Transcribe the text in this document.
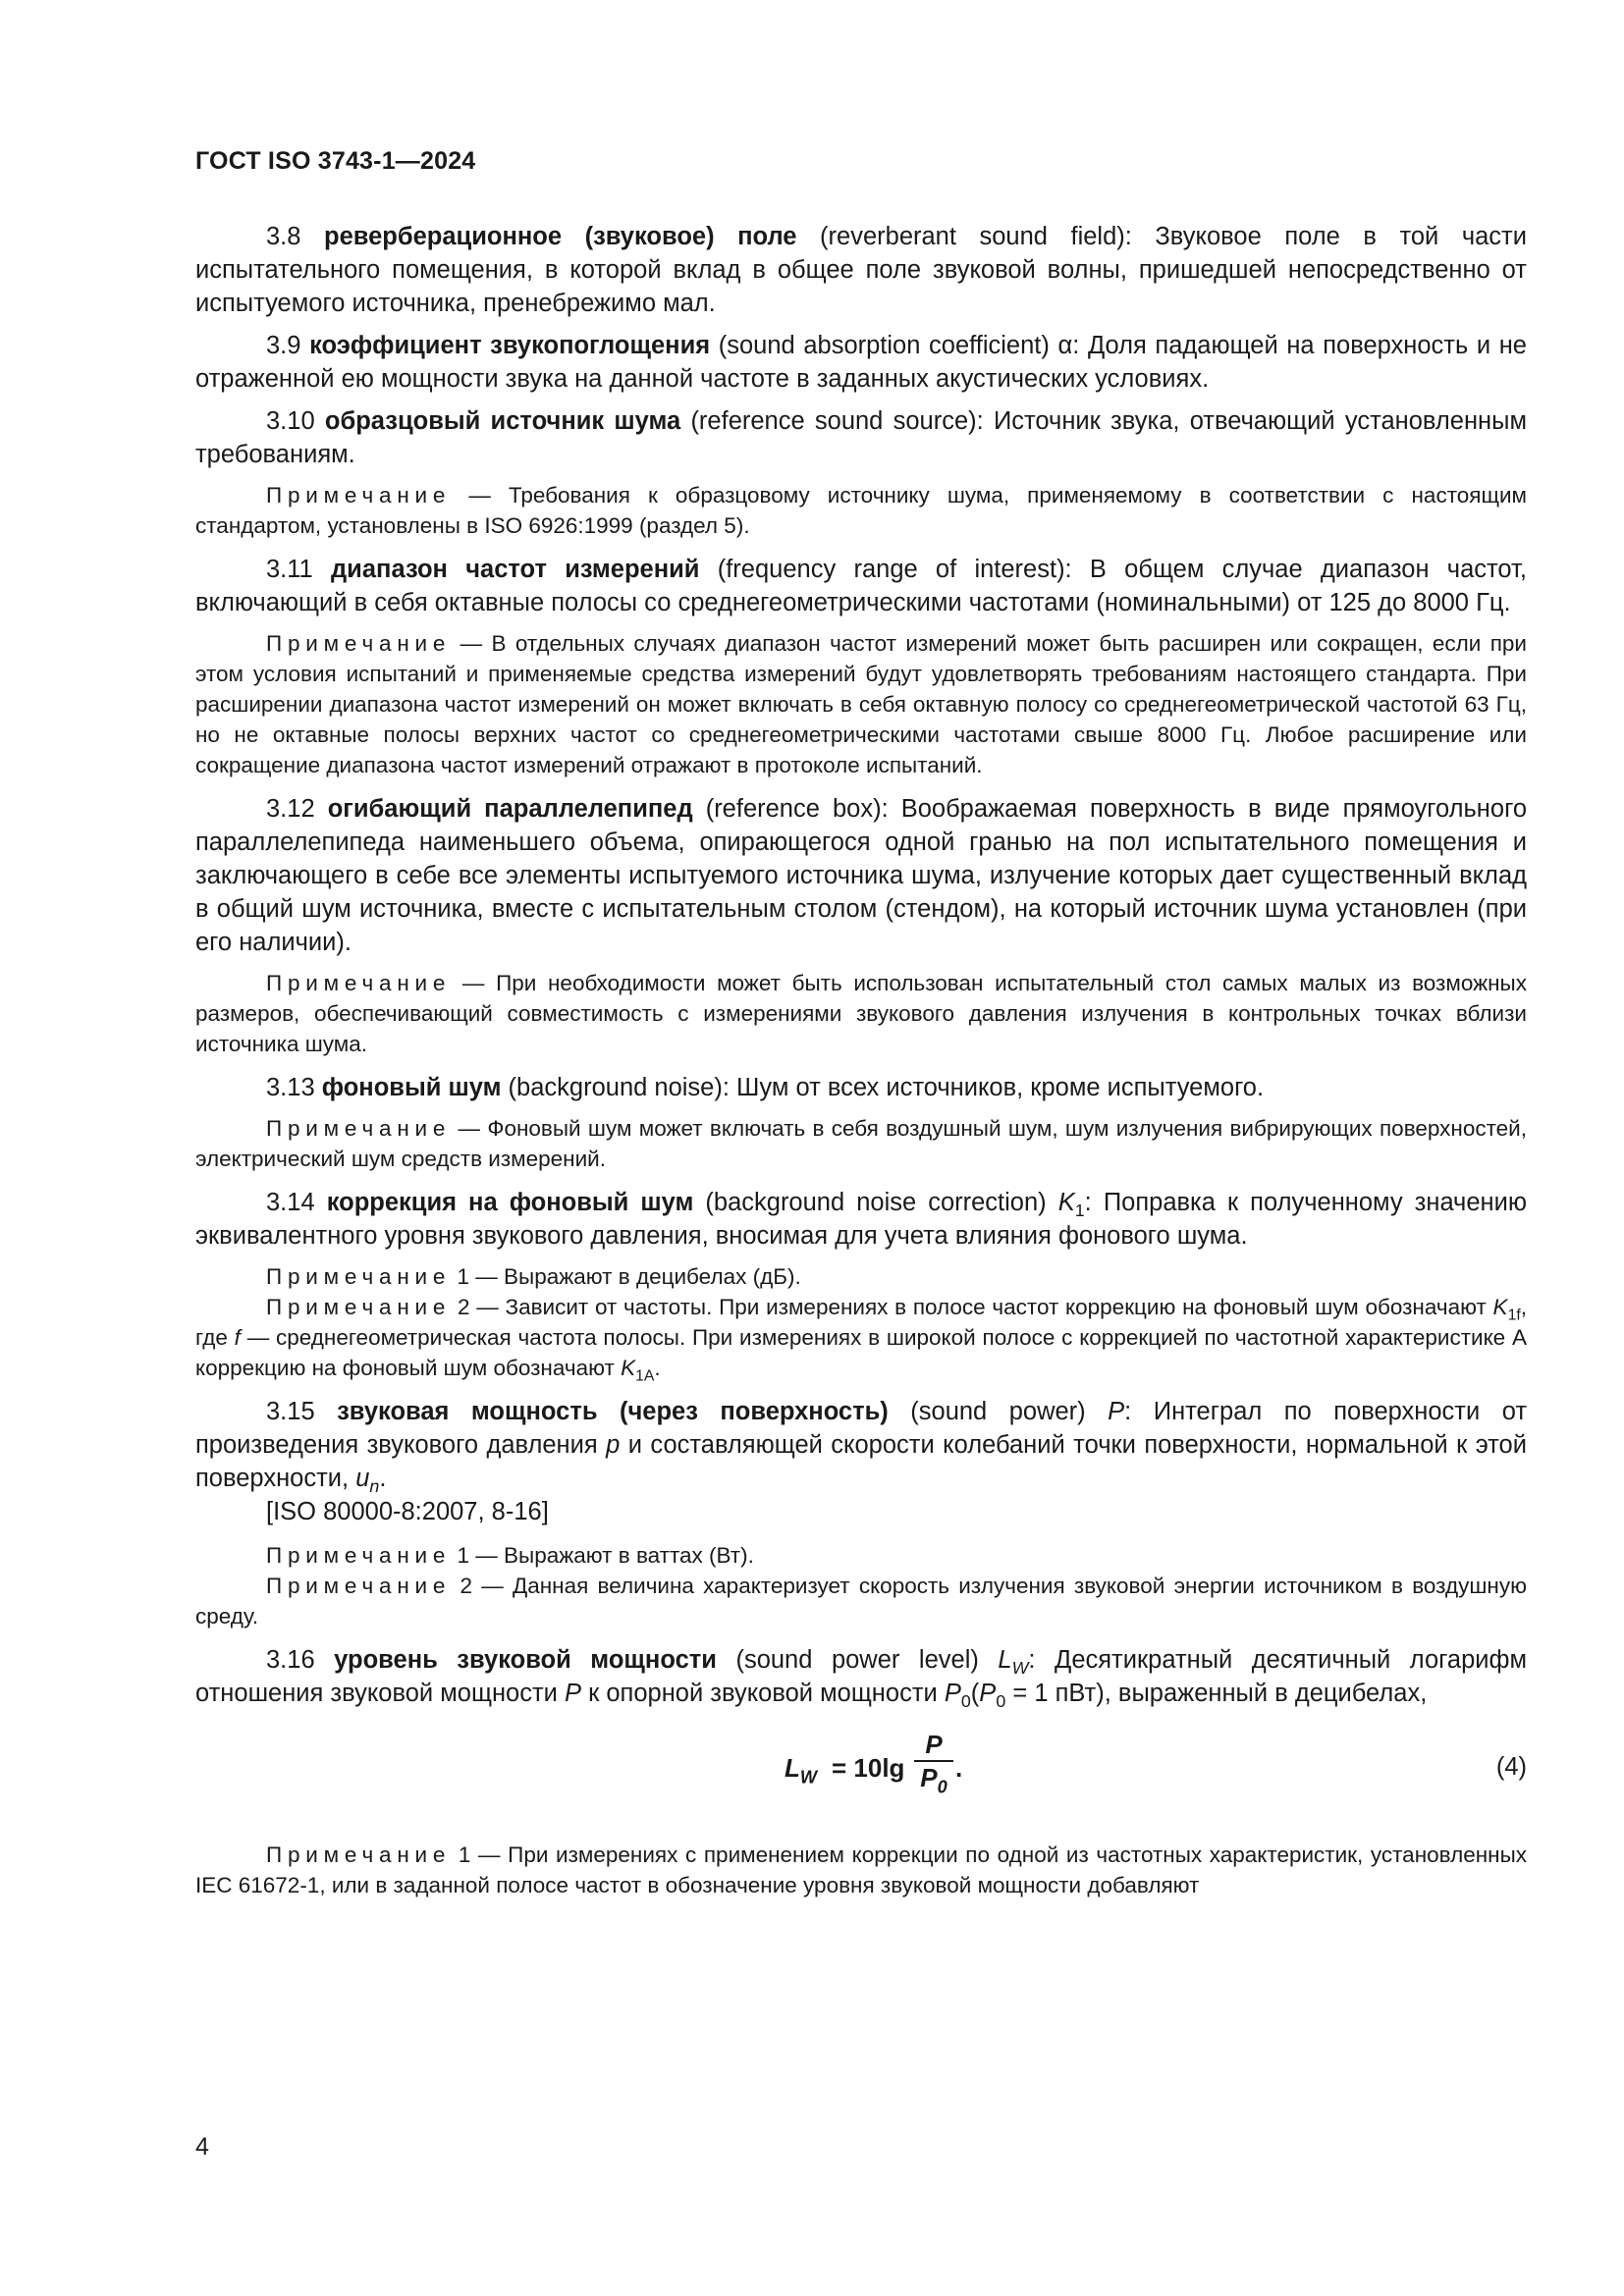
ГОСТ ISO 3743-1—2024

3.8 реверберационное (звуковое) поле (reverberant sound field): Звуковое поле в той части испытательного помещения, в которой вклад в общее поле звуковой волны, пришедшей непосредственно от испытуемого источника, пренебрежимо мал.

3.9 коэффициент звукопоглощения (sound absorption coefficient) α: Доля падающей на поверхность и не отраженной ею мощности звука на данной частоте в заданных акустических условиях.

3.10 образцовый источник шума (reference sound source): Источник звука, отвечающий установленным требованиям.

Примечание — Требования к образцовому источнику шума, применяемому в соответствии с настоящим стандартом, установлены в ISO 6926:1999 (раздел 5).

3.11 диапазон частот измерений (frequency range of interest): В общем случае диапазон частот, включающий в себя октавные полосы со среднегеометрическими частотами (номинальными) от 125 до 8000 Гц.

Примечание — В отдельных случаях диапазон частот измерений может быть расширен или сокращен, если при этом условия испытаний и применяемые средства измерений будут удовлетворять требованиям настоящего стандарта. При расширении диапазона частот измерений он может включать в себя октавную полосу со среднегеометрической частотой 63 Гц, но не октавные полосы верхних частот со среднегеометрическими частотами свыше 8000 Гц. Любое расширение или сокращение диапазона частот измерений отражают в протоколе испытаний.

3.12 огибающий параллелепипед (reference box): Воображаемая поверхность в виде прямоугольного параллелепипеда наименьшего объема, опирающегося одной гранью на пол испытательного помещения и заключающего в себе все элементы испытуемого источника шума, излучение которых дает существенный вклад в общий шум источника, вместе с испытательным столом (стендом), на который источник шума установлен (при его наличии).

Примечание — При необходимости может быть использован испытательный стол самых малых из возможных размеров, обеспечивающий совместимость с измерениями звукового давления излучения в контрольных точках вблизи источника шума.

3.13 фоновый шум (background noise): Шум от всех источников, кроме испытуемого.

Примечание — Фоновый шум может включать в себя воздушный шум, шум излучения вибрирующих поверхностей, электрический шум средств измерений.

3.14 коррекция на фоновый шум (background noise correction) $K_1$: Поправка к полученному значению эквивалентного уровня звукового давления, вносимая для учета влияния фонового шума.

Примечание 1 — Выражают в децибелах (дБ).

Примечание 2 — Зависит от частоты. При измерениях в полосе частот коррекцию на фоновый шум обозначают $K_{1f}$, где f — среднегеометрическая частота полосы. При измерениях в широкой полосе с коррекцией по частотной характеристике А коррекцию на фоновый шум обозначают $K_{1A}$.

3.15 звуковая мощность (через поверхность) (sound power) P: Интеграл по поверхности от произведения звукового давления p и составляющей скорости колебаний точки поверхности, нормальной к этой поверхности, $u_n$.

[ISO 80000-8:2007, 8-16]

Примечание 1 — Выражают в ваттах (Вт).

Примечание 2 — Данная величина характеризует скорость излучения звуковой энергии источником в воздушную среду.

3.16 уровень звуковой мощности (sound power level) $L_W$: Десятикратный десятичный логарифм отношения звуковой мощности P к опорной звуковой мощности $P_0(P_0 = 1$ пВт), выраженный в децибелах,

$L_W = 10\lg$
P
$P_0$
.	(4)

Примечание 1 — При измерениях с применением коррекции по одной из частотных характеристик, установленных IEC 61672-1, или в заданной полосе частот в обозначение уровня звуковой мощности добавляют

4
